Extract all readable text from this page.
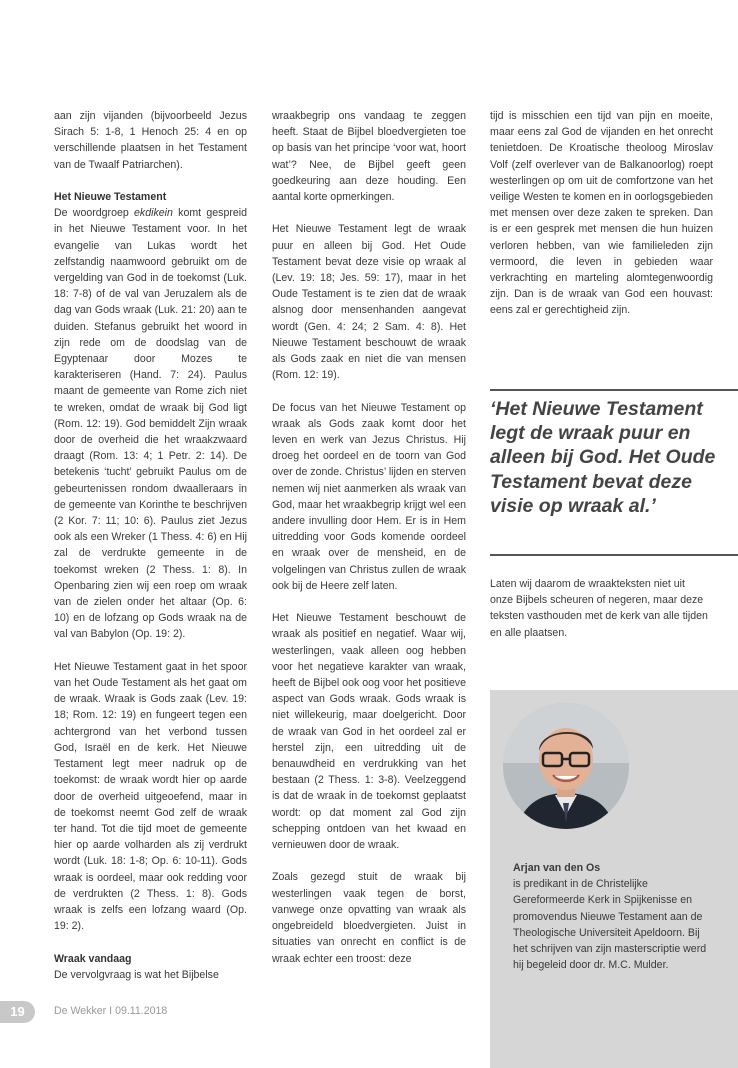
aan zijn vijanden (bijvoorbeeld Jezus Sirach 5: 1-8, 1 Henoch 25: 4 en op verschillende plaatsen in het Testament van de Twaalf Patriarchen).

Het Nieuwe Testament

De woordgroep ekdikein komt gespreid in het Nieuwe Testament voor. In het evangelie van Lukas wordt het zelfstandig naamwoord gebruikt om de vergelding van God in de toekomst (Luk. 18: 7-8) of de val van Jeruzalem als de dag van Gods wraak (Luk. 21: 20) aan te duiden. Stefanus gebruikt het woord in zijn rede om de doodslag van de Egyptenaar door Mozes te karakteriseren (Hand. 7: 24). Paulus maant de gemeente van Rome zich niet te wreken, omdat de wraak bij God ligt (Rom. 12: 19). God bemiddelt Zijn wraak door de overheid die het wraakzwaard draagt (Rom. 13: 4; 1 Petr. 2: 14). De betekenis ‘tucht’ gebruikt Paulus om de gebeurtenissen rondom dwaalleraars in de gemeente van Korinthe te beschrijven (2 Kor. 7: 11; 10: 6). Paulus ziet Jezus ook als een Wreker (1 Thess. 4: 6) en Hij zal de verdrukte gemeente in de toekomst wreken (2 Thess. 1: 8). In Openbaring zien wij een roep om wraak van de zielen onder het altaar (Op. 6: 10) en de lofzang op Gods wraak na de val van Babylon (Op. 19: 2).

Het Nieuwe Testament gaat in het spoor van het Oude Testament als het gaat om de wraak. Wraak is Gods zaak (Lev. 19: 18; Rom. 12: 19) en fungeert tegen een achtergrond van het verbond tussen God, Israël en de kerk. Het Nieuwe Testament legt meer nadruk op de toekomst: de wraak wordt hier op aarde door de overheid uitgeoefend, maar in de toekomst neemt God zelf de wraak ter hand. Tot die tijd moet de gemeente hier op aarde volharden als zij verdrukt wordt (Luk. 18: 1-8; Op. 6: 10-11). Gods wraak is oordeel, maar ook redding voor de verdrukten (2 Thess. 1: 8). Gods wraak is zelfs een lofzang waard (Op. 19: 2).

Wraak vandaag

De vervolgvraag is wat het Bijbelse

wraakbegrip ons vandaag te zeggen heeft. Staat de Bijbel bloedvergieten toe op basis van het principe ‘voor wat, hoort wat’? Nee, de Bijbel geeft geen goedkeuring aan deze houding. Een aantal korte opmerkingen.

Het Nieuwe Testament legt de wraak puur en alleen bij God. Het Oude Testament bevat deze visie op wraak al (Lev. 19: 18; Jes. 59: 17), maar in het Oude Testament is te zien dat de wraak alsnog door mensenhanden aangevat wordt (Gen. 4: 24; 2 Sam. 4: 8). Het Nieuwe Testament beschouwt de wraak als Gods zaak en niet die van mensen (Rom. 12: 19).

De focus van het Nieuwe Testament op wraak als Gods zaak komt door het leven en werk van Jezus Christus. Hij droeg het oordeel en de toorn van God over de zonde. Christus’ lijden en sterven nemen wij niet aanmerken als wraak van God, maar het wraakbegrip krijgt wel een andere invulling door Hem. Er is in Hem uitredding voor Gods komende oordeel en wraak over de mensheid, en de volgelingen van Christus zullen de wraak ook bij de Heere zelf laten.

Het Nieuwe Testament beschouwt de wraak als positief en negatief. Waar wij, westerlingen, vaak alleen oog hebben voor het negatieve karakter van wraak, heeft de Bijbel ook oog voor het positieve aspect van Gods wraak. Gods wraak is niet willekeurig, maar doelgericht. Door de wraak van God in het oordeel zal er herstel zijn, een uitredding uit de benauwdheid en verdrukking van het bestaan (2 Thess. 1: 3-8). Veelzeggend is dat de wraak in de toekomst geplaatst wordt: op dat moment zal God zijn schepping ontdoen van het kwaad en vernieuwen door de wraak.

Zoals gezegd stuit de wraak bij westerlingen vaak tegen de borst, vanwege onze opvatting van wraak als ongebreideld bloedvergieten. Juist in situaties van onrecht en conflict is de wraak echter een troost: deze

tijd is misschien een tijd van pijn en moeite, maar eens zal God de vijanden en het onrecht tenietdoen. De Kroatische theoloog Miroslav Volf (zelf overlever van de Balkanoorlog) roept westerlingen op om uit de comfortzone van het veilige Westen te komen en in oorlogsgebieden met mensen over deze zaken te spreken. Dan is er een gesprek met mensen die hun huizen verloren hebben, van wie familieleden zijn vermoord, die leven in gebieden waar verkrachting en marteling alomtegenwoordig zijn. Dan is de wraak van God een houvast: eens zal er gerechtigheid zijn.

‘Het Nieuwe Testament legt de wraak puur en alleen bij God. Het Oude Testament bevat deze visie op wraak al.’

Laten wij daarom de wraakteksten niet uit onze Bijbels scheuren of negeren, maar deze teksten vasthouden met de kerk van alle tijden en alle plaatsen.

Arjan van den Os
is predikant in de Christelijke Gereformeerde Kerk in Spijkenisse en promovendus Nieuwe Testament aan de Theologische Universiteit Apeldoorn. Bij het schrijven van zijn masterscriptie werd hij begeleid door dr. M.C. Mulder.
19	De Wekker I 09.11.2018
